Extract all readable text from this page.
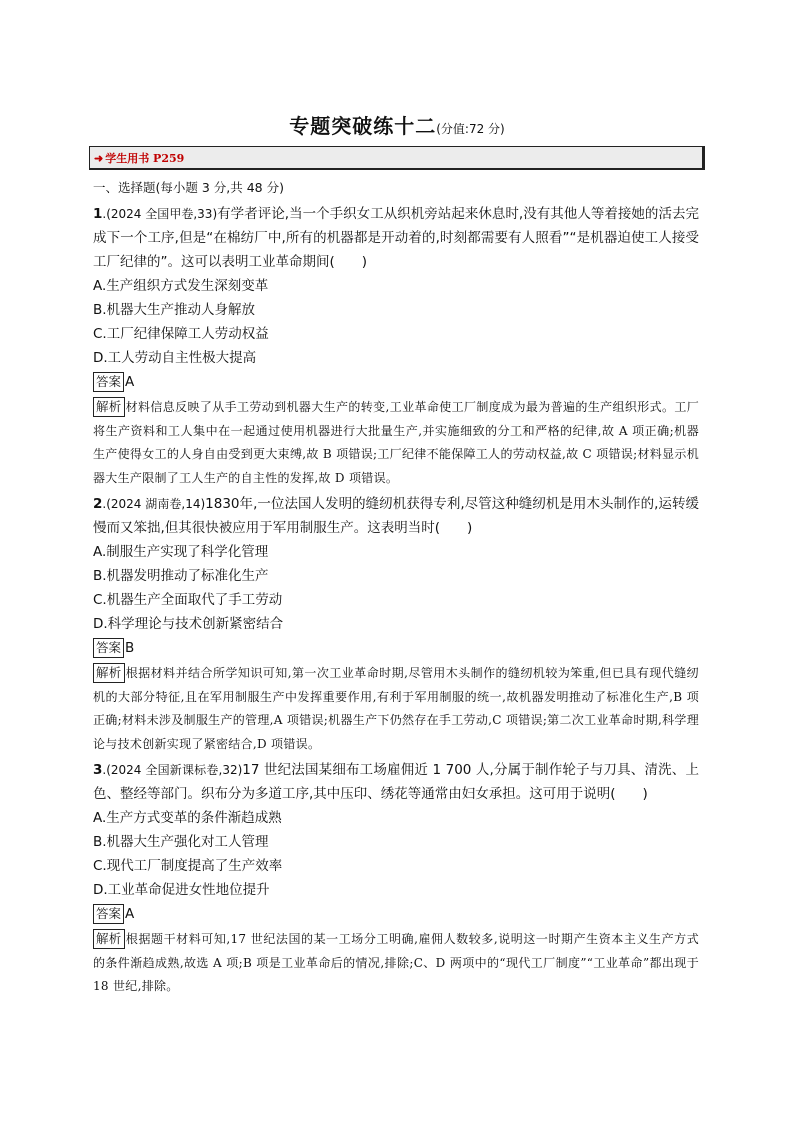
专题突破练十二(分值:72 分)
➜ 学生用书 P259
一、选择题(每小题 3 分,共 48 分)
1.(2024 全国甲卷,33)有学者评论,当一个手织女工从织机旁站起来休息时,没有其他人等着接她的活去完成下一个工序,但是“在棉纺厂中,所有的机器都是开动着的,时刻都需要有人照看”“是机器迫使工人接受工厂纪律的”。这可以表明工业革命期间(　　)
A.生产组织方式发生深刻变革
B.机器大生产推动人身解放
C.工厂纪律保障工人劳动权益
D.工人劳动自主性极大提高
答案 A
解析 材料信息反映了从手工劳动到机器大生产的转变,工业革命使工厂制度成为最为普遍的生产组织形式。工厂将生产资料和工人集中在一起通过使用机器进行大批量生产,并实施细致的分工和严格的纪律,故 A 项正确;机器生产使得女工的人身自由受到更大束缚,故 B 项错误;工厂纪律不能保障工人的劳动权益,故 C 项错误;材料显示机器大生产限制了工人生产的自主性的发挥,故 D 项错误。
2.(2024 湖南卷,14)1830年,一位法国人发明的缝纫机获得专利,尽管这种缝纫机是用木头制作的,运转缓慢而又笨拙,但其很快被应用于军用制服生产。这表明当时(　　)
A.制服生产实现了科学化管理
B.机器发明推动了标准化生产
C.机器生产全面取代了手工劳动
D.科学理论与技术创新紧密结合
答案 B
解析 根据材料并结合所学知识可知,第一次工业革命时期,尽管用木头制作的缝纫机较为笨重,但已具有现代缝纫机的大部分特征,且在军用制服生产中发挥重要作用,有利于军用制服的统一,故机器发明推动了标准化生产,B 项正确;材料未涉及制服生产的管理,A 项错误;机器生产下仍然存在手工劳动,C 项错误;第二次工业革命时期,科学理论与技术创新实现了紧密结合,D 项错误。
3.(2024 全国新课标卷,32)17 世纪法国某细布工场雇佣近 1 700 人,分属于制作轮子与刀具、清洗、上色、整经等部门。织布分为多道工序,其中压印、绣花等通常由妇女承担。这可用于说明(　　)
A.生产方式变革的条件渐趋成熟
B.机器大生产强化对工人管理
C.现代工厂制度提高了生产效率
D.工业革命促进女性地位提升
答案 A
解析 根据题干材料可知,17 世纪法国的某一工场分工明确,雇佣人数较多,说明这一时期产生资本主义生产方式的条件渐趋成熟,故选 A 项;B 项是工业革命后的情况,排除;C、D 两项中的“现代工厂制度”“工业革命”都出现于 18 世纪,排除。
